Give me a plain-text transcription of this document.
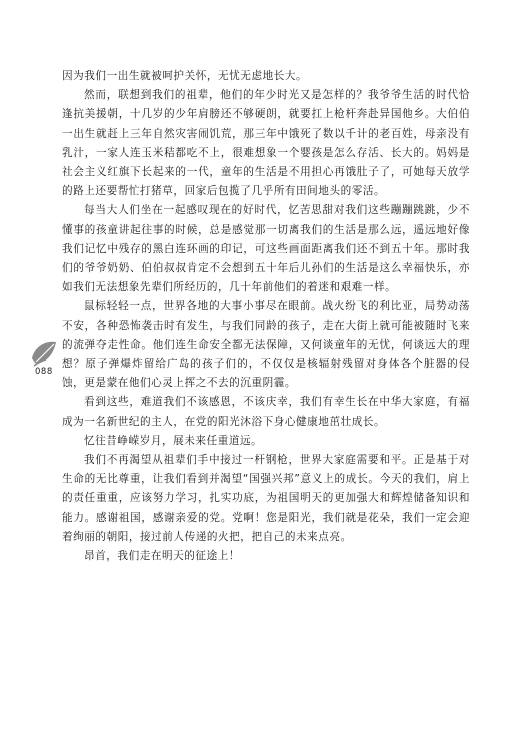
因为我们一出生就被呵护关怀，无忧无虑地长大。

然而，联想到我们的祖辈，他们的年少时光又是怎样的？我爷爷生活的时代恰逢抗美援朝，十几岁的少年肩膀还不够硬朗，就要扛上枪杆奔赴异国他乡。大伯伯一出生就赶上三年自然灾害闹饥荒，那三年中饿死了数以千计的老百姓，母亲没有乳汁，一家人连玉米秸都吃不上，很难想象一个婴孩是怎么存活、长大的。妈妈是社会主义红旗下长起来的一代，童年的生活是不用担心再饿肚子了，可她每天放学的路上还要帮忙打猪草，回家后包揽了几乎所有田间地头的零活。

每当大人们坐在一起感叹现在的好时代，忆苦思甜对我们这些蹦蹦跳跳，少不懂事的孩童讲起往事的时候，总是感觉那一切离我们的生活是那么远，遥远地好像我们记忆中残存的黑白连环画的印记，可这些画面距离我们还不到五十年。那时我们的爷爷奶奶、伯伯叔叔肯定不会想到五十年后儿孙们的生活是这么幸福快乐，亦如我们无法想象先辈们所经历的，几十年前他们的着迷和艰难一样。

鼠标轻轻一点，世界各地的大事小事尽在眼前。战火纷飞的利比亚，局势动荡不安，各种恐怖袭击时有发生，与我们同龄的孩子，走在大街上就可能被随时飞来的流弹夺走性命。他们连生命安全都无法保障，又何谈童年的无忧，何谈远大的理想？原子弹爆炸留给广岛的孩子们的，不仅仅是核辐射残留对身体各个脏器的侵蚀，更是蒙在他们心灵上挥之不去的沉重阴霾。

看到这些，难道我们不该感恩，不该庆幸，我们有幸生长在中华大家庭，有福成为一名新世纪的主人，在党的阳光沐浴下身心健康地茁壮成长。

忆往昔峥嵘岁月，展未来任重道远。

我们不再渴望从祖辈们手中接过一杆钢枪，世界大家庭需要和平。正是基于对生命的无比尊重，让我们看到并渴望“国强兴邦”意义上的成长。今天的我们，肩上的责任重重，应该努力学习，扎实功底，为祖国明天的更加强大和辉煌储备知识和能力。感谢祖国，感谢亲爱的党。党啊！您是阳光，我们就是花朵，我们一定会迎着绚丽的朝阳，接过前人传递的火把，把自己的未来点亮。

昂首，我们走在明天的征途上！

088
